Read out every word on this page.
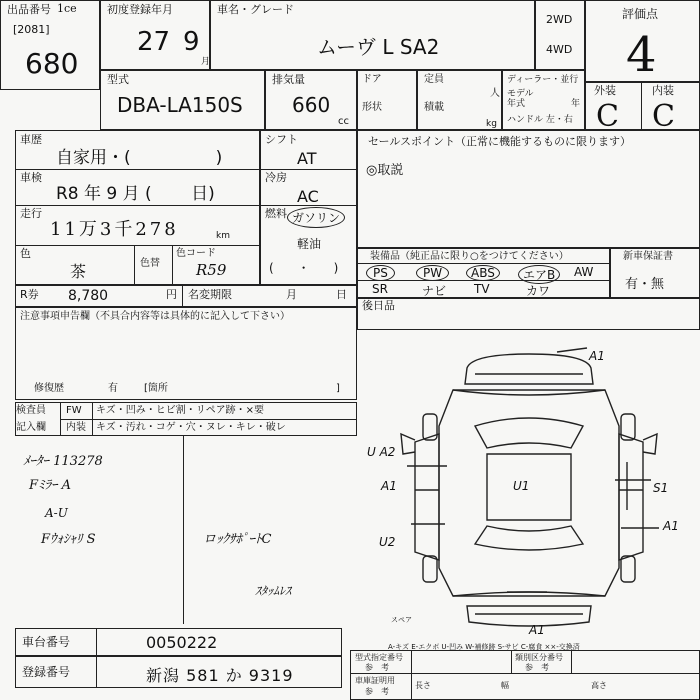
出品番号 1ce
[2081]
680
初度登録年月
27 9
月
車名・グレード
ムーヴ L SA2
2WD
4WD
評価点
4
型式
DBA-LA150S
排気量
660
cc
ドア
形状
定員
人
積載
kg
ディーラー・並行
モデル
年式	年
ハンドル 左・右
外装	内装
C C
車歴
自家用・(　　　　　)
車検
R8 年 9 月 (　　 日)
走行
11万3千278	km
色
茶	色替
色コード
R59
シフト
AT
冷房
AC
燃料 ガソリン
軽油
(　　・　　)
セールスポイント（正常に機能するものに限ります）
◎取説
装備品（純正品に限り○をつけてください）
PS	PW	ABS	エアB	AW
SR	ナビ TV	カワ
新車保証書
有・無
後日品
R券 8,780	円 名変期限	月	日
注意事項申告欄（不具合内容等は具体的に記入して下さい）
修復歴	有	[箇所	]
検査員
記入欄
FW キズ・凹み・ヒビ割・リペア跡・×要
内装 キズ・汚れ・コゲ・穴・ヌレ・キレ・破レ
ﾒｰﾀｰ 113278
Fﾐﾗｰ A
A-U
Fｳｫｼｬﾘ S	ロｯｸｻﾎﾟｰﾄC
ｽﾀｯﾑﾚｽ
A1
U A2
A1	U1	S1
U2
A1
A1
スペア
A-キズ E-エクボ U-凹み W-補修跡 S-サビ C-腐食 ××-交換済
車台番号	0050222
登録番号	新潟 581 か 9319
型式指定番号
参　考
類別区分番号
参　考
車庫証明用
参　考
長さ	幅	高さ
